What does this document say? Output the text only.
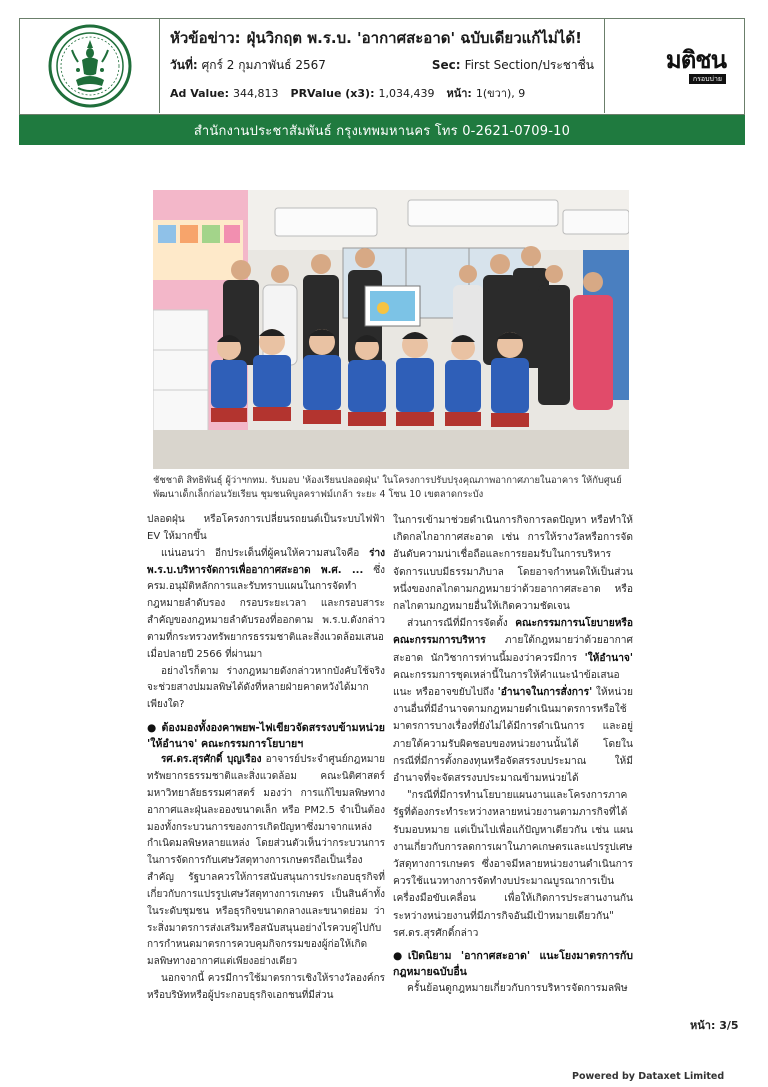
หัวข้อข่าว: ฝุ่นวิกฤต พ.ร.บ. 'อากาศสะอาด' ฉบับเดียวแก้ไม่ได้!
วันที่: ศุกร์ 2 กุมภาพันธ์ 2567	Sec: First Section/ประชาชื่น
Ad Value: 344,813 PRValue (x3): 1,034,439 หน้า: 1(ขวา), 9
มติชน
กรอบบ่าย
สำนักงานประชาสัมพันธ์ กรุงเทพมหานคร โทร 0-2621-0709-10
ชัชชาติ สิทธิพันธุ์ ผู้ว่าฯกทม. รับมอบ 'ห้องเรียนปลอดฝุ่น' ในโครงการปรับปรุงคุณภาพอากาศภายในอาคาร ให้กับศูนย์พัฒนาเด็กเล็กก่อนวัยเรียน ชุมชนพิบูลคราฟม์เกล้า ระยะ 4 โซน 10 เขตลาดกระบัง

ปลอดฝุ่น หรือโครงการเปลี่ยนรถยนต์เป็นระบบไฟฟ้า EV ให้มากขึ้น

แน่นอนว่า อีกประเด็นที่ผู้คนให้ความสนใจคือ ร่าง พ.ร.บ.บริหารจัดการเพื่ออากาศสะอาด พ.ศ. ... ซึ่ง ครม.อนุมัติหลักการและรับทราบแผนในการจัดทำกฎหมายลำดับรอง กรอบระยะเวลา และกรอบสาระสำคัญของกฎหมายลำดับรองที่ออกตาม พ.ร.บ.ดังกล่าว ตามที่กระทรวงทรัพยากรธรรมชาติและสิ่งแวดล้อมเสนอเมื่อปลายปี 2566 ที่ผ่านมา

อย่างไรก็ตาม ร่างกฎหมายดังกล่าวหากบังคับใช้จริงจะช่วยสางปมมลพิษได้ดังที่หลายฝ่ายคาดหวังได้มากเพียงใด?

●ต้องมองทั้งองคาพยพ-ไฟเขียวจัดสรรงบข้ามหน่วย 'ให้อำนาจ' คณะกรรมการโยบายฯ

รศ.ดร.สุรศักดิ์ บุญเรือง อาจารย์ประจำศูนย์กฎหมายทรัพยากรธรรมชาติและสิ่งแวดล้อม คณะนิติศาสตร์ มหาวิทยาลัยธรรมศาสตร์ มองว่า การแก้ไขมลพิษทางอากาศและฝุ่นละอองขนาดเล็ก หรือ PM2.5 จำเป็นต้องมองทั้งกระบวนการของการเกิดปัญหาซึ่งมาจากแหล่งกำเนิดมลพิษหลายแหล่ง โดยส่วนตัวเห็นว่ากระบวนการในการจัดการกับเศษวัสดุทางการเกษตรถือเป็นเรื่องสำคัญ รัฐบาลควรให้การสนับสนุนการประกอบธุรกิจที่เกี่ยวกับการแปรรูปเศษวัสดุทางการเกษตร เป็นสินค้าทั้งในระดับชุมชน หรือธุรกิจขนาดกลางและขนาดย่อม ว่าระสิ่งมาตรการส่งเสริมหรือสนับสนุนอย่างไรควบคู่ไปกับการกำหนดมาตรการควบคุมกิจกรรมของผู้ก่อให้เกิดมลพิษทางอากาศแต่เพียงอย่างเดียว

นอกจากนี้ ควรมีการใช้มาตรการเชิงให้รางวัลองค์กรหรือบริษัทหรือผู้ประกอบธุรกิจเอกชนที่มีส่วน

ในการเข้ามาช่วยดำเนินการกิจการลดปัญหา หรือทำให้เกิดกลไกอากาศสะอาด เช่น การให้รางวัลหรือการจัดอันดับความน่าเชื่อถือและการยอมรับในการบริหารจัดการแบบมีธรรมาภิบาล โดยอาจกำหนดให้เป็นส่วนหนึ่งของกลไกตามกฎหมายว่าด้วยอากาศสะอาด หรือกลไกตามกฎหมายอื่นให้เกิดความชัดเจน

ส่วนการณีที่มีการจัดตั้ง คณะกรรมการนโยบายหรือคณะกรรมการบริหาร ภายใต้กฎหมายว่าด้วยอากาศสะอาด นักวิชาการท่านนี้มองว่าควรมีการ 'ให้อำนาจ' คณะกรรมการชุดเหล่านี้ในการให้คำแนะนำข้อเสนอแนะ หรืออาจขยับไปถึง 'อำนาจในการสั่งการ' ให้หน่วยงานอื่นที่มีอำนาจตามกฎหมายดำเนินมาตรการหรือใช้มาตรการบางเรื่องที่ยังไม่ได้มีการดำเนินการ และอยู่ภายใต้ความรับผิดชอบของหน่วยงานนั้นได้ โดยในกรณีที่มีการตั้งกองทุนหรือจัดสรรงบประมาณ ให้มีอำนาจที่จะจัดสรรงบประมาณข้ามหน่วยได้

"กรณีที่มีการทำนโยบายแผนงานและโครงการภาครัฐที่ต้องกระทำระหว่างหลายหน่วยงานตามภารกิจที่ได้รับมอบหมาย แต่เป็นไปเพื่อแก้ปัญหาเดียวกัน เช่น แผนงานเกี่ยวกับการลดการเผาในภาคเกษตรและแปรรูปเศษวัสดุทางการเกษตร ซึ่งอาจมีหลายหน่วยงานดำเนินการ ควรใช้แนวทางการจัดทำงบประมาณบูรณาการเป็นเครื่องมือขับเคลื่อน เพื่อให้เกิดการประสานงานกันระหว่างหน่วยงานที่มีภารกิจอันมีเป้าหมายเดียวกัน" รศ.ดร.สุรศักดิ์กล่าว

●เปิดนิยาม 'อากาศสะอาด' แนะโยงมาตรการกับกฎหมายฉบับอื่น

ครั้นย้อนดูกฎหมายเกี่ยวกับการบริหารจัดการมลพิษ

หน้า: 3/5
Powered by Dataxet Limited
